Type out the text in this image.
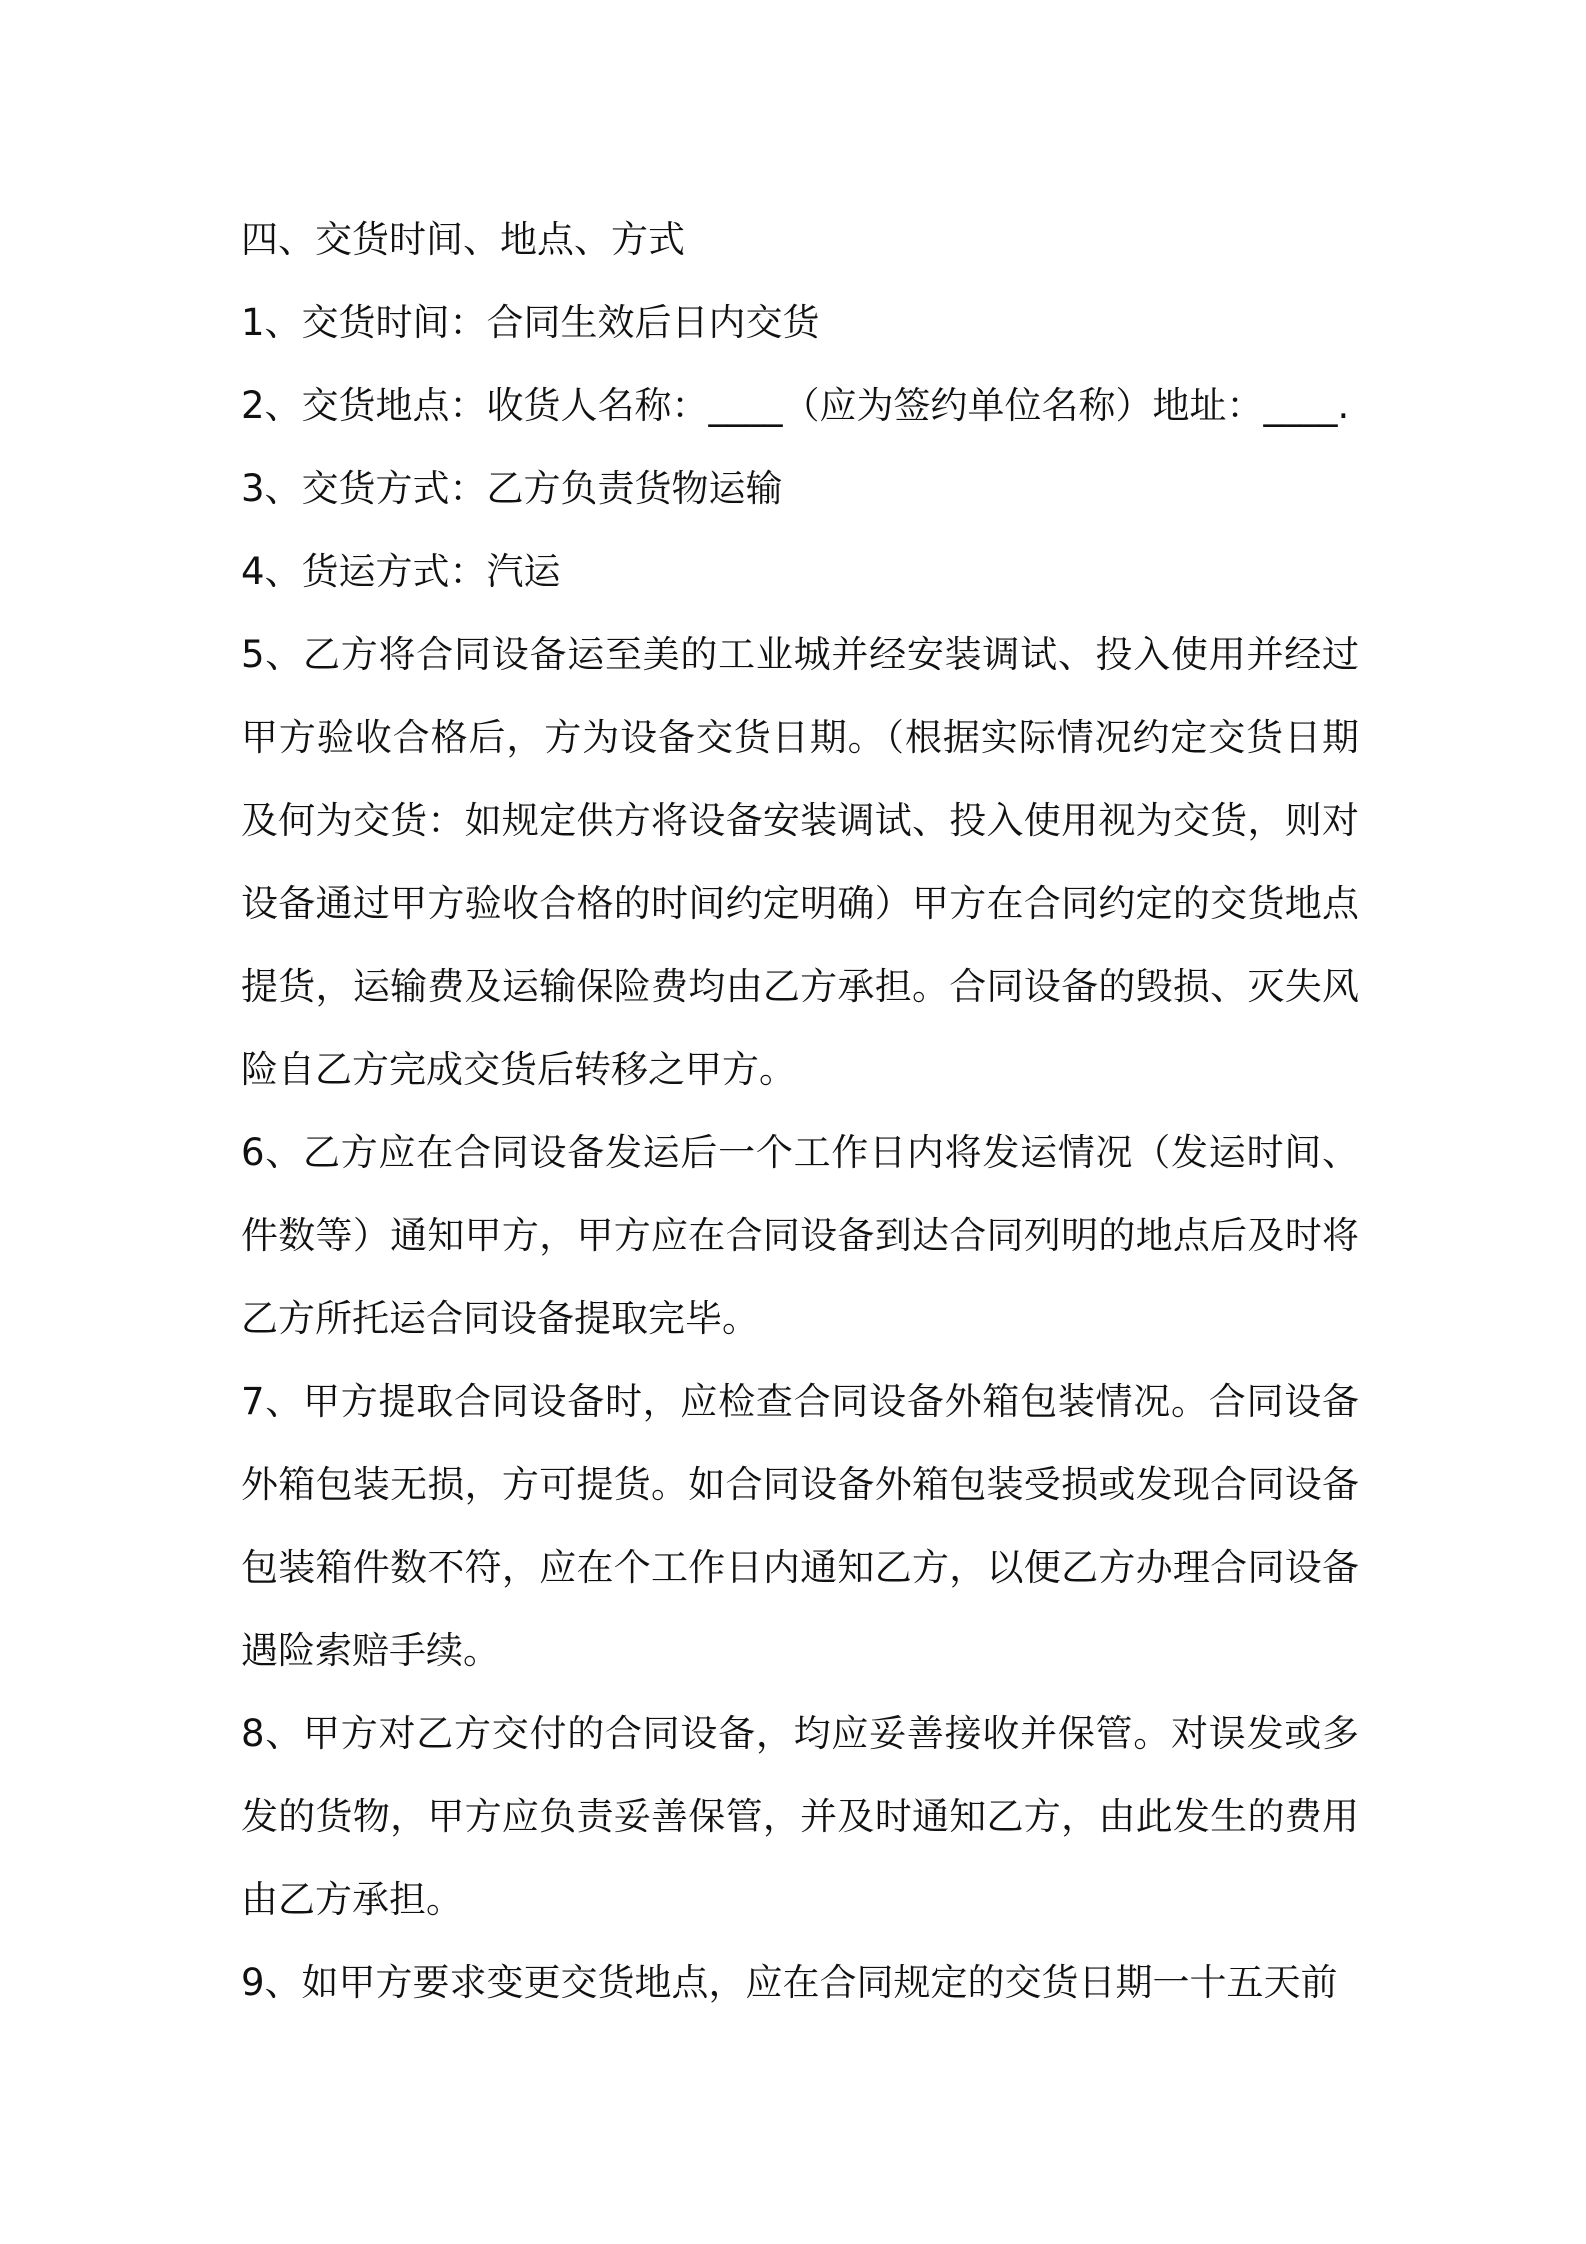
四、交货时间、地点、方式

1、交货时间：合同生效后日内交货

2、交货地点：收货人名称：____（应为签约单位名称）地址：____.

3、交货方式：乙方负责货物运输

4、货运方式：汽运

5、乙方将合同设备运至美的工业城并经安装调试、投入使用并经过甲方验收合格后，方为设备交货日期。（根据实际情况约定交货日期及何为交货：如规定供方将设备安装调试、投入使用视为交货，则对设备通过甲方验收合格的时间约定明确）甲方在合同约定的交货地点提货，运输费及运输保险费均由乙方承担。合同设备的毁损、灭失风险自乙方完成交货后转移之甲方。

6、乙方应在合同设备发运后一个工作日内将发运情况（发运时间、件数等）通知甲方，甲方应在合同设备到达合同列明的地点后及时将乙方所托运合同设备提取完毕。

7、甲方提取合同设备时，应检查合同设备外箱包装情况。合同设备外箱包装无损，方可提货。如合同设备外箱包装受损或发现合同设备包装箱件数不符，应在个工作日内通知乙方，以便乙方办理合同设备遇险索赔手续。

8、甲方对乙方交付的合同设备，均应妥善接收并保管。对误发或多发的货物，甲方应负责妥善保管，并及时通知乙方，由此发生的费用由乙方承担。

9、如甲方要求变更交货地点，应在合同规定的交货日期一十五天前
